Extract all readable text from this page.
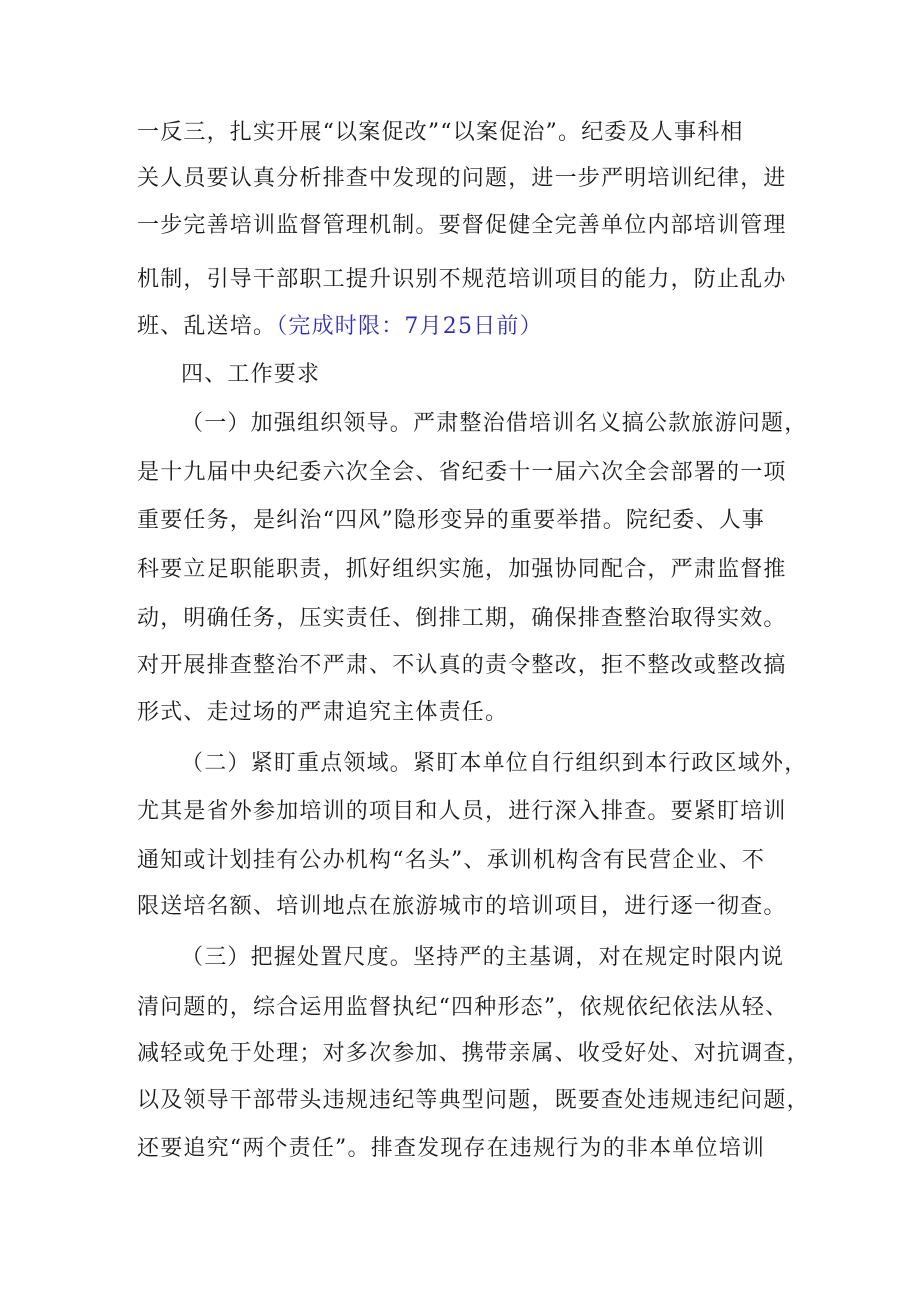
一反三，扎实开展“以案促改”“以案促治”。纪委及人事科相
关人员要认真分析排查中发现的问题，进一步严明培训纪律，进
一步完善培训监督管理机制。要督促健全完善单位内部培训管理
机制，引导干部职工提升识别不规范培训项目的能力，防止乱办
班、乱送培。（完成时限：7月25日前）
四、工作要求
（一）加强组织领导。严肃整治借培训名义搞公款旅游问题，
是十九届中央纪委六次全会、省纪委十一届六次全会部署的一项
重要任务，是纠治“四风”隐形变异的重要举措。院纪委、人事
科要立足职能职责，抓好组织实施，加强协同配合，严肃监督推
动，明确任务，压实责任、倒排工期，确保排查整治取得实效。
对开展排查整治不严肃、不认真的责令整改，拒不整改或整改搞
形式、走过场的严肃追究主体责任。
（二）紧盯重点领域。紧盯本单位自行组织到本行政区域外，
尤其是省外参加培训的项目和人员，进行深入排查。要紧盯培训
通知或计划挂有公办机构“名头”、承训机构含有民营企业、不
限送培名额、培训地点在旅游城市的培训项目，进行逐一彻查。
（三）把握处置尺度。坚持严的主基调，对在规定时限内说
清问题的，综合运用监督执纪“四种形态”，依规依纪依法从轻、
减轻或免于处理；对多次参加、携带亲属、收受好处、对抗调查，
以及领导干部带头违规违纪等典型问题，既要查处违规违纪问题，
还要追究“两个责任”。排查发现存在违规行为的非本单位培训
